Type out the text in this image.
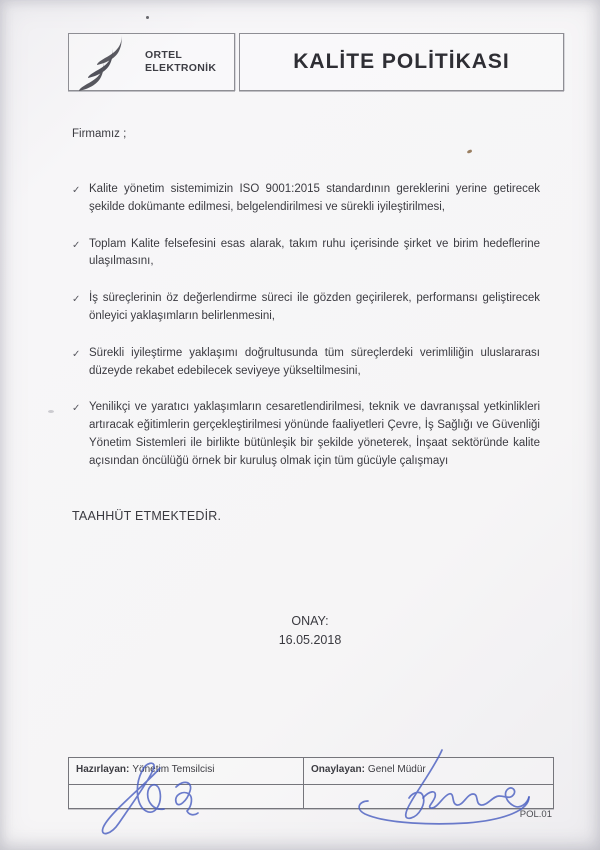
ORTEL
ELEKTRONİK	KALİTE POLİTİKASI

Firmamız ;

✓ Kalite yönetim sistemimizin ISO 9001:2015 standardının gereklerini yerine getirecek şekilde dokümante edilmesi, belgelendirilmesi ve sürekli iyileştirilmesi,
✓ Toplam Kalite felsefesini esas alarak, takım ruhu içerisinde şirket ve birim hedeflerine ulaşılmasını,
✓ İş süreçlerinin öz değerlendirme süreci ile gözden geçirilerek, performansı geliştirecek önleyici yaklaşımların belirlenmesini,
✓ Sürekli iyileştirme yaklaşımı doğrultusunda tüm süreçlerdeki verimliliğin uluslararası düzeyde rekabet edebilecek seviyeye yükseltilmesini,
✓ Yenilikçi ve yaratıcı yaklaşımların cesaretlendirilmesi, teknik ve davranışsal yetkinlikleri artıracak eğitimlerin gerçekleştirilmesi yönünde faaliyetleri Çevre, İş Sağlığı ve Güvenliği Yönetim Sistemleri ile birlikte bütünleşik bir şekilde yöneterek, İnşaat sektöründe kalite açısından öncülüğü örnek bir kuruluş olmak için tüm gücüyle çalışmayı

TAAHHÜT ETMEKTEDİR.

ONAY:
16.05.2018
Hazırlayan: Yönetim Temsilcisi	Onaylayan: Genel Müdür
POL.01
